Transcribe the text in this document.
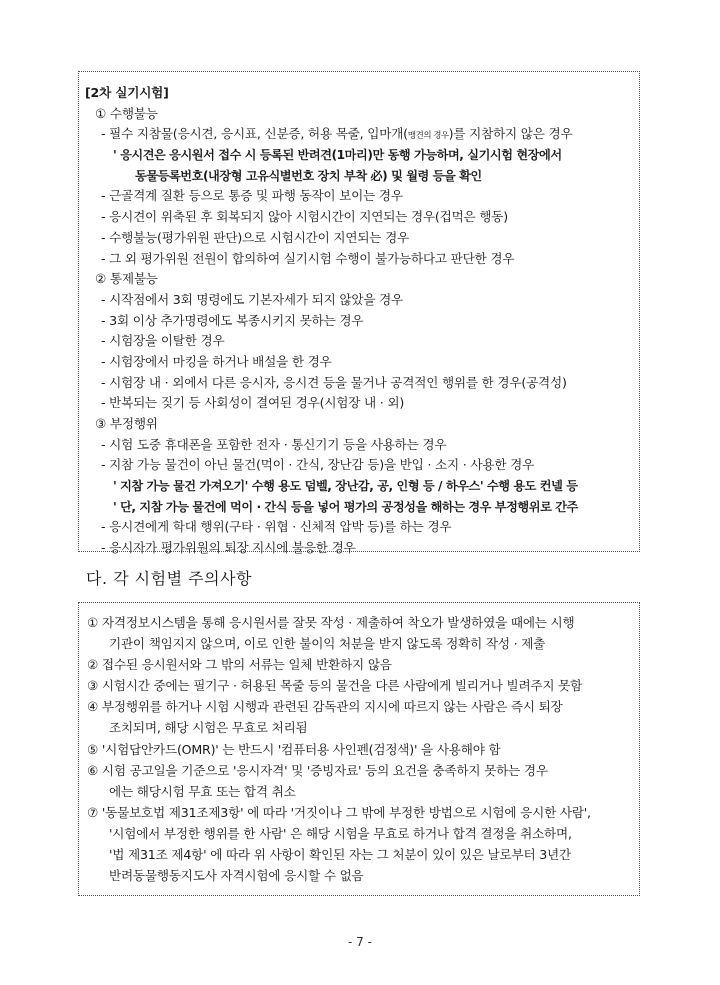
[2차 실기시험]
① 수행불능
- 필수 지참물(응시견, 응시표, 신분증, 허용 목줄, 입마개(맹견의 경우)를 지참하지 않은 경우
' 응시견은 응시원서 접수 시 등록된 반려견(1마리)만 동행 가능하며, 실기시험 현장에서
동물등록번호(내장형 고유식별번호 장치 부착 必) 및 월령 등을 확인
- 근골격계 질환 등으로 통증 및 파행 동작이 보이는 경우
- 응시견이 위축된 후 회복되지 않아 시험시간이 지연되는 경우(겁먹은 행동)
- 수행불능(평가위원 판단)으로 시험시간이 지연되는 경우
- 그 외 평가위원 전원이 합의하여 실기시험 수행이 불가능하다고 판단한 경우
② 통제불능
- 시작점에서 3회 명령에도 기본자세가 되지 않았을 경우
- 3회 이상 추가명령에도 복종시키지 못하는 경우
- 시험장을 이탈한 경우
- 시험장에서 마킹을 하거나 배설을 한 경우
- 시험장 내 · 외에서 다른 응시자, 응시견 등을 물거나 공격적인 행위를 한 경우(공격성)
- 반복되는 짖기 등 사회성이 결여된 경우(시험장 내 · 외)
③ 부정행위
- 시험 도중 휴대폰을 포함한 전자 · 통신기기 등을 사용하는 경우
- 지참 가능 물건이 아닌 물건(먹이 · 간식, 장난감 등)을 반입 · 소지 · 사용한 경우
' 지참 가능 물건 가져오기' 수행 용도 덤벨, 장난감, 공, 인형 등 / 하우스' 수행 용도 컨넬 등
' 단, 지참 가능 물건에 먹이 · 간식 등을 넣어 평가의 공정성을 해하는 경우 부정행위로 간주
- 응시견에게 학대 행위(구타 · 위협 · 신체적 압박 등)를 하는 경우
- 응시자가 평가위원의 퇴장 지시에 불응한 경우
다. 각 시험별 주의사항
① 자격정보시스템을 통해 응시원서를 잘못 작성 · 제출하여 착오가 발생하였을 때에는 시행
기관이 책임지지 않으며, 이로 인한 불이익 처분을 받지 않도록 정확히 작성 · 제출
② 접수된 응시원서와 그 밖의 서류는 일체 반환하지 않음
③ 시험시간 중에는 필기구 · 허용된 목줄 등의 물건을 다른 사람에게 빌리거나 빌려주지 못함
④ 부정행위를 하거나 시험 시행과 관련된 감독관의 지시에 따르지 않는 사람은 즉시 퇴장
조치되며, 해당 시험은 무효로 처리됨
⑤ '시험답안카드(OMR)' 는 반드시 '컴퓨터용 사인펜(검정색)' 을 사용해야 함
⑥ 시험 공고일을 기준으로 '응시자격' 및 '증빙자료' 등의 요건을 충족하지 못하는 경우
에는 해당시험 무효 또는 합격 취소
⑦ '동물보호법 제31조제3항' 에 따라 '거짓이나 그 밖에 부정한 방법으로 시험에 응시한 사람',
'시험에서 부정한 행위를 한 사람' 은 해당 시험을 무효로 하거나 합격 결정을 취소하며,
'법 제31조 제4항' 에 따라 위 사항이 확인된 자는 그 처분이 있이 있은 날로부터 3년간
반려동물행동지도사 자격시험에 응시할 수 없음
- 7 -
